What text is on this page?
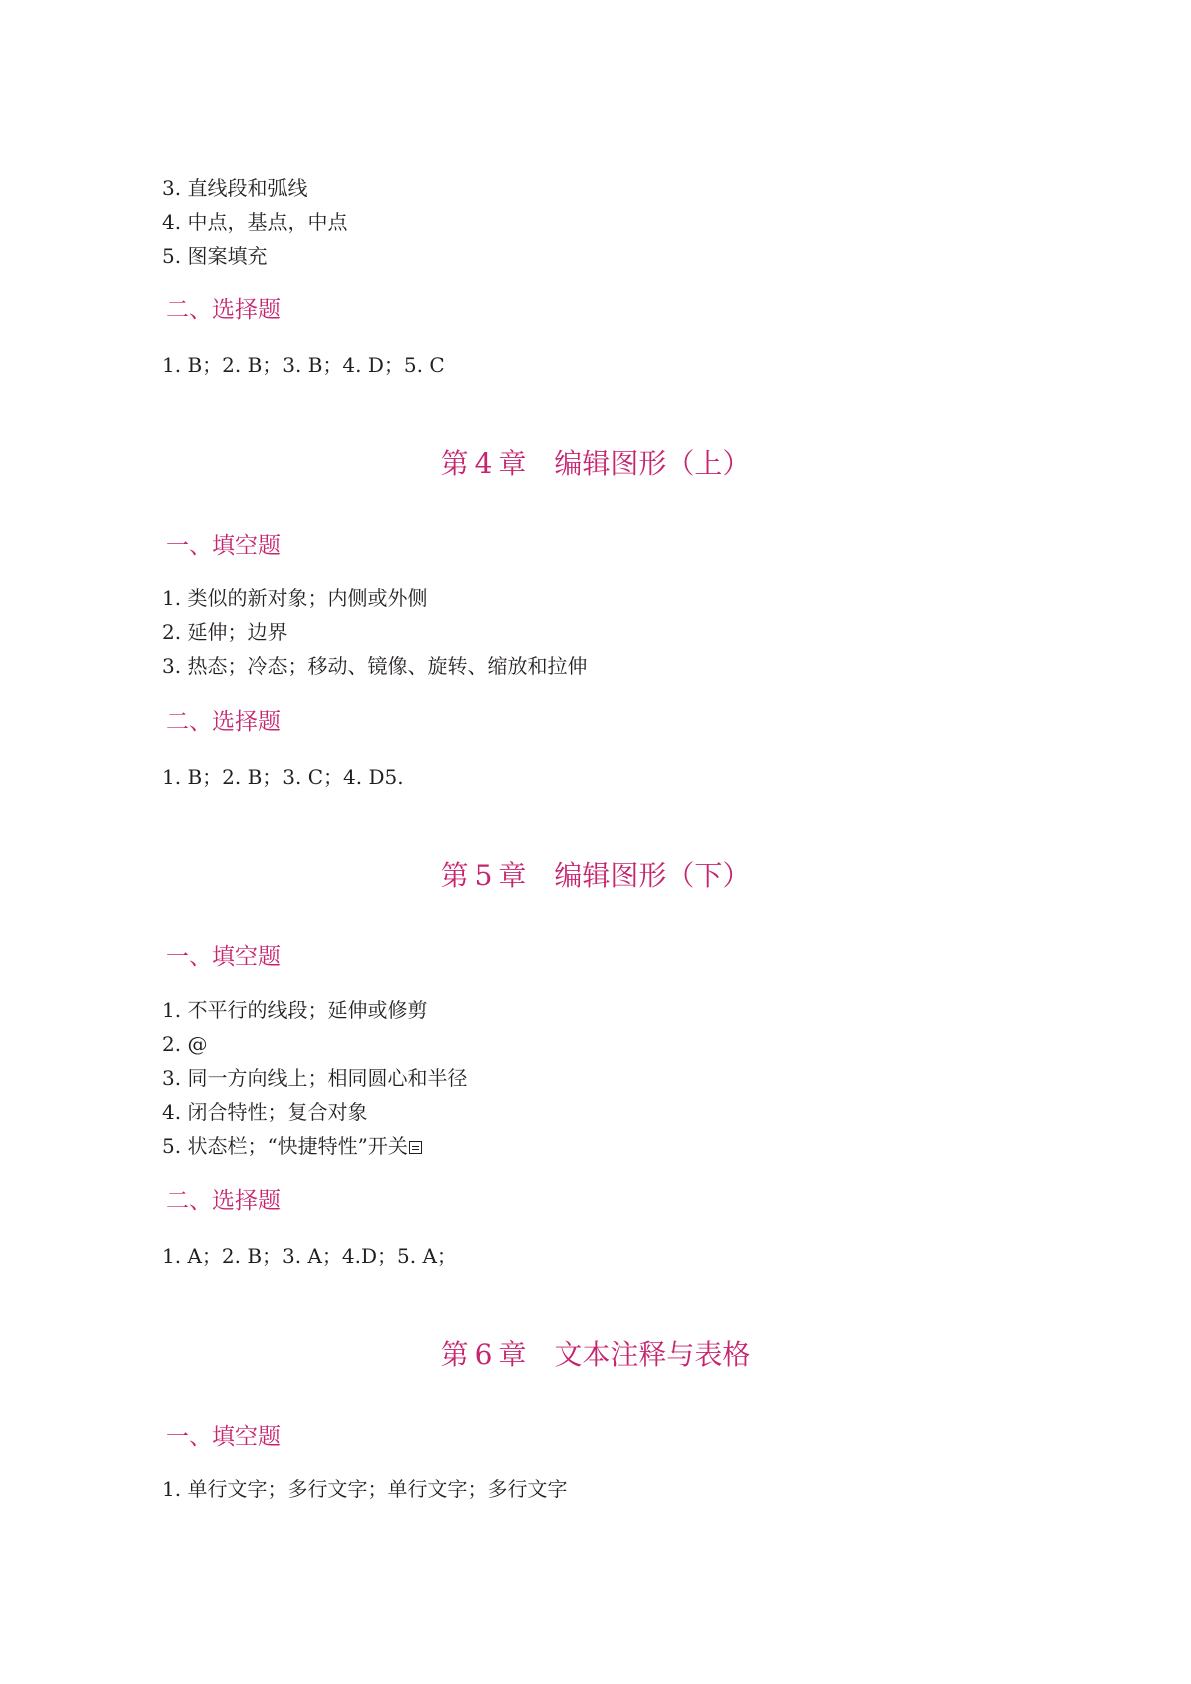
3. 直线段和弧线
4. 中点，基点，中点
5. 图案填充
二、选择题
1. B；2. B；3. B；4. D；5. C
第 4 章 编辑图形（上）
一、填空题
1. 类似的新对象；内侧或外侧
2. 延伸；边界
3. 热态；冷态；移动、镜像、旋转、缩放和拉伸
二、选择题
1. B；2. B；3. C；4. D5.
第 5 章 编辑图形（下）
一、填空题
1. 不平行的线段；延伸或修剪
2. @
3. 同一方向线上；相同圆心和半径
4. 闭合特性；复合对象
5. 状态栏；“快捷特性”开关
二、选择题
1. A；2. B；3. A；4.D；5. A；
第 6 章 文本注释与表格
一、填空题
1. 单行文字；多行文字；单行文字；多行文字
